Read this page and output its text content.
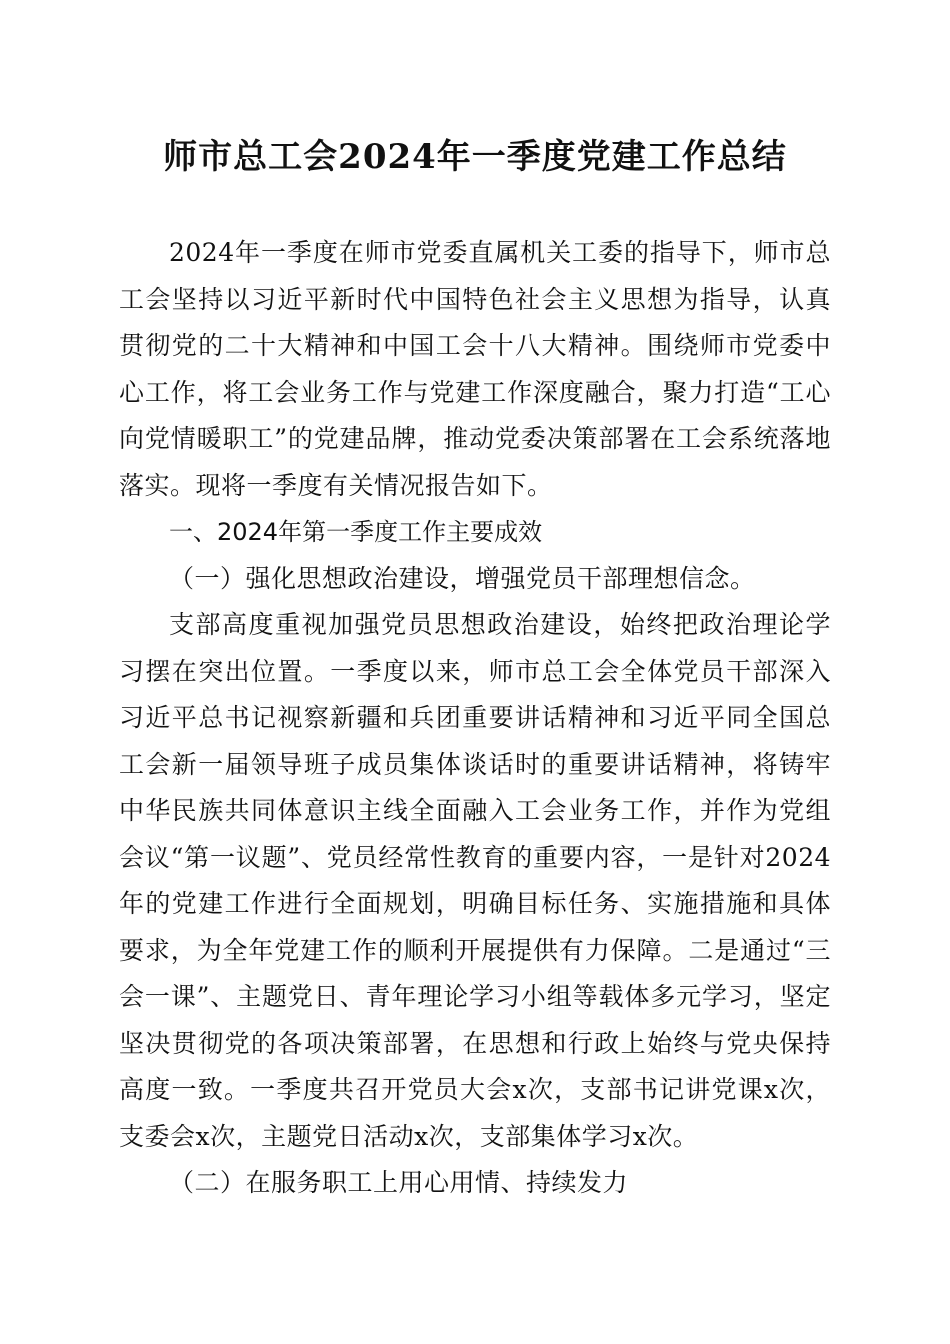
师市总工会2024年一季度党建工作总结

2024年一季度在师市党委直属机关工委的指导下，师市总工会坚持以习近平新时代中国特色社会主义思想为指导，认真贯彻党的二十大精神和中国工会十八大精神。围绕师市党委中心工作，将工会业务工作与党建工作深度融合，聚力打造“工心向党情暖职工”的党建品牌，推动党委决策部署在工会系统落地落实。现将一季度有关情况报告如下。

一、2024年第一季度工作主要成效

（一）强化思想政治建设，增强党员干部理想信念。

支部高度重视加强党员思想政治建设，始终把政治理论学习摆在突出位置。一季度以来，师市总工会全体党员干部深入习近平总书记视察新疆和兵团重要讲话精神和习近平同全国总工会新一届领导班子成员集体谈话时的重要讲话精神，将铸牢中华民族共同体意识主线全面融入工会业务工作，并作为党组会议“第一议题”、党员经常性教育的重要内容，一是针对2024年的党建工作进行全面规划，明确目标任务、实施措施和具体要求，为全年党建工作的顺利开展提供有力保障。二是通过“三会一课”、主题党日、青年理论学习小组等载体多元学习，坚定坚决贯彻党的各项决策部署，在思想和行政上始终与党央保持高度一致。一季度共召开党员大会x次，支部书记讲党课x次，支委会x次，主题党日活动x次，支部集体学习x次。

（二）在服务职工上用心用情、持续发力
